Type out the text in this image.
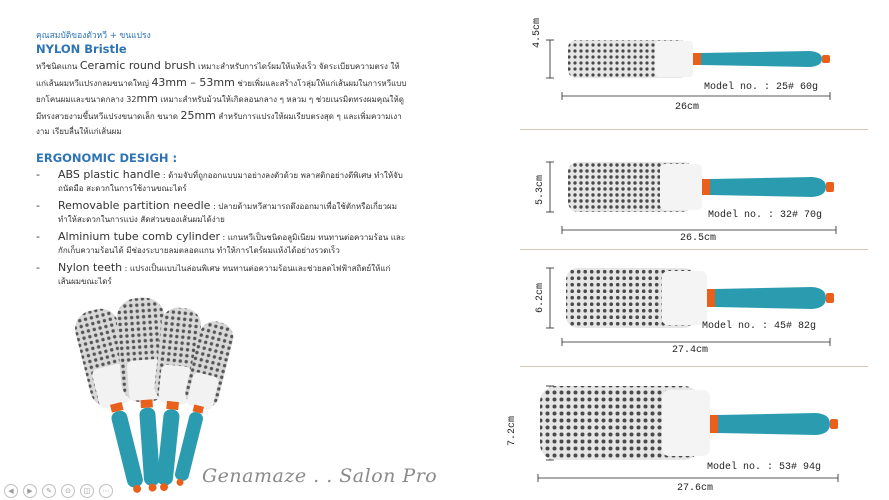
คุณสมบัติของตัวหวี + ขนแปรง
NYLON Bristle
หวีชนิดแกน Ceramic round brush เหมาะสำหรับการไดร์ผมให้แห้งเร็ว จัดระเบียบความตรง ให้แก่เส้นผมหวีแปรงกลมขนาดใหญ่ 43mm – 53mm ช่วยเพิ่มและสร้างโวลุ่มให้แก่เส้นผมในการหวีแบบยกโคนผมและขนาดกลาง 32mm เหมาะสำหรับม้วนให้เกิดลอนกลาง ๆ หลวม ๆ ช่วยเนรมิตทรงผมคุณให้ดูมีทรงสวยงามขึ้นหวีแปรงขนาดเล็ก ขนาด 25mm สำหรับการแปรงให้ผมเรียบตรงสุด ๆ และเพิ่มความเงางาม เรียบลื่นให้แก่เส้นผม
ERGONOMIC DESIGH :
- ABS plastic handle : ด้ามจับที่ถูกออกแบบมาอย่างลงตัวด้วย พลาสติกอย่างดีพิเศษ ทำให้จับถนัดมือ สะดวกในการใช้งานขณะไดร์
- Removable partition needle : ปลายด้ามหวีสามารถดึงออกมาเพื่อใช้ตักหรือเกี่ยวผมทำให้สะดวกในการแบ่ง สัดส่วนของเส้นผมได้ง่าย
- Alminium tube comb cylinder : แกนหวีเป็นชนิดอลูมิเนียม ทนทานต่อความร้อน และกักเก็บความร้อนได้ มีช่องระบายลมตลอดแกน ทำให้การไดร์ผมแห้งได้อย่างรวดเร็ว
- Nylon teeth : แปรงเป็นแบบไนล่อนพิเศษ ทนทานต่อความร้อนและช่วยลดไฟฟ้าสถิตย์ให้แก่เส้นผมขณะไดร์
Genamaze . . Salon Pro
◀	▶	✎	⊙	◫	⋯
4.5cm
Model no. : 25# 60g
26cm
5.3cm
Model no. : 32# 70g
26.5cm
6.2cm
Model no. : 45# 82g
27.4cm
7.2cm
Model no. : 53# 94g
27.6cm
